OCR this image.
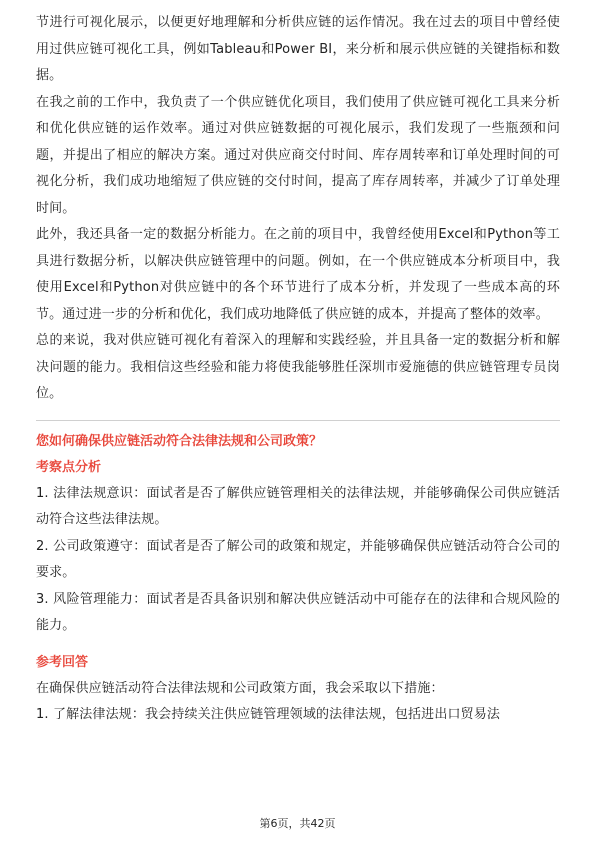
节进行可视化展示，以便更好地理解和分析供应链的运作情况。我在过去的项目中曾经使用过供应链可视化工具，例如Tableau和Power BI，来分析和展示供应链的关键指标和数据。

在我之前的工作中，我负责了一个供应链优化项目，我们使用了供应链可视化工具来分析和优化供应链的运作效率。通过对供应链数据的可视化展示，我们发现了一些瓶颈和问题，并提出了相应的解决方案。通过对供应商交付时间、库存周转率和订单处理时间的可视化分析，我们成功地缩短了供应链的交付时间，提高了库存周转率，并减少了订单处理时间。

此外，我还具备一定的数据分析能力。在之前的项目中，我曾经使用Excel和Python等工具进行数据分析，以解决供应链管理中的问题。例如，在一个供应链成本分析项目中，我使用Excel和Python对供应链中的各个环节进行了成本分析，并发现了一些成本高的环节。通过进一步的分析和优化，我们成功地降低了供应链的成本，并提高了整体的效率。

总的来说，我对供应链可视化有着深入的理解和实践经验，并且具备一定的数据分析和解决问题的能力。我相信这些经验和能力将使我能够胜任深圳市爱施德的供应链管理专员岗位。

您如何确保供应链活动符合法律法规和公司政策？

考察点分析

1. 法律法规意识：面试者是否了解供应链管理相关的法律法规，并能够确保公司供应链活动符合这些法律法规。

2. 公司政策遵守：面试者是否了解公司的政策和规定，并能够确保供应链活动符合公司的要求。

3. 风险管理能力：面试者是否具备识别和解决供应链活动中可能存在的法律和合规风险的能力。

参考回答

在确保供应链活动符合法律法规和公司政策方面，我会采取以下措施：

1. 了解法律法规：我会持续关注供应链管理领域的法律法规，包括进出口贸易法

第6页，共42页
